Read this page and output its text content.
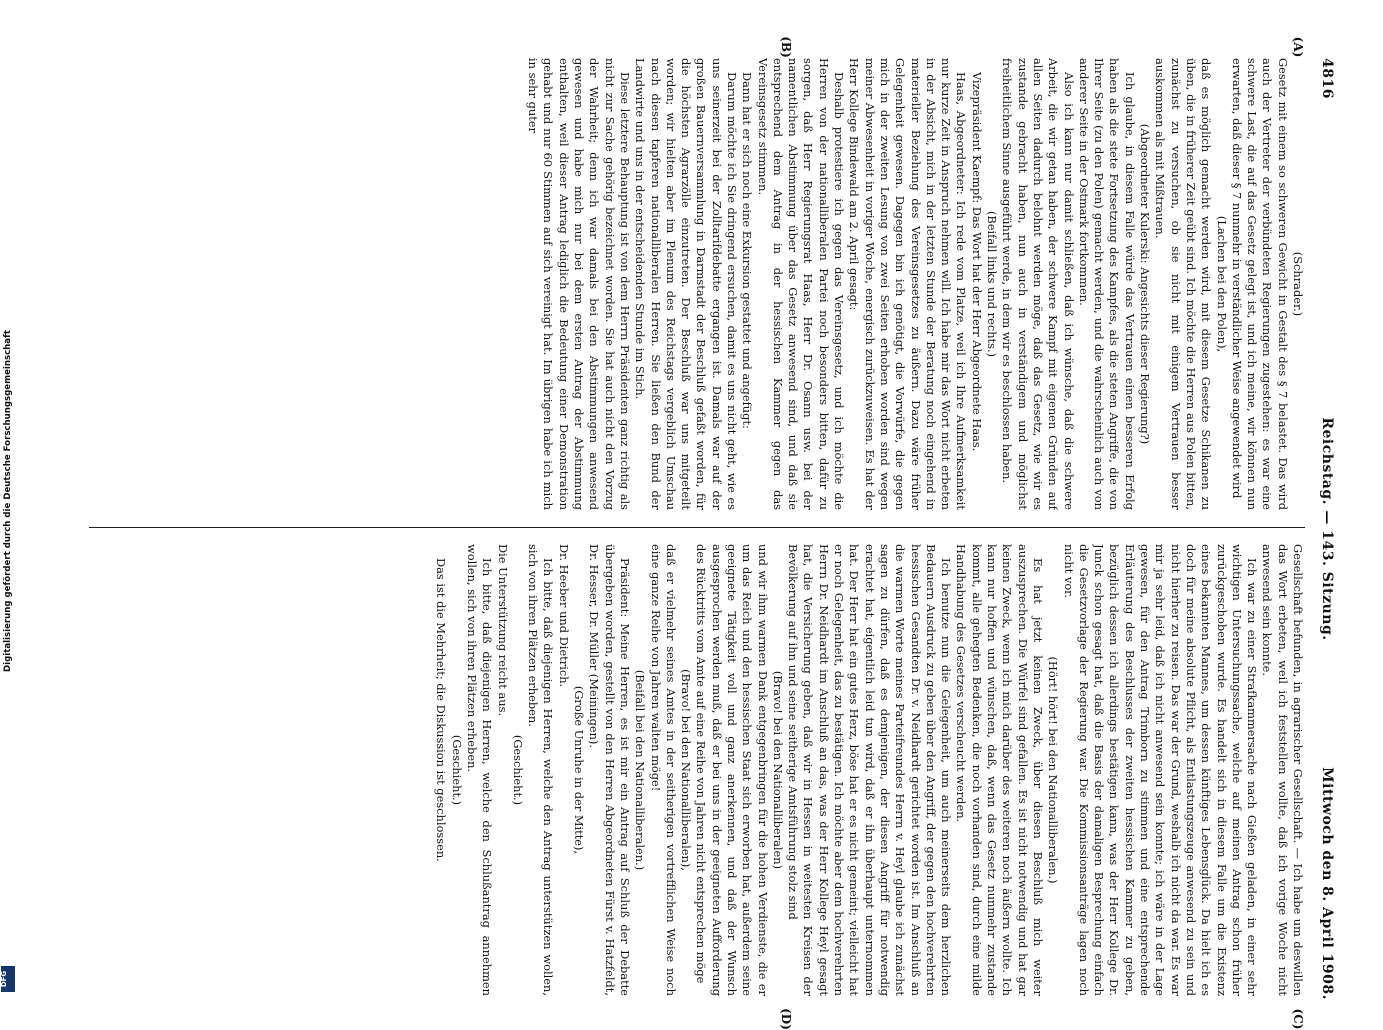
4816
Reichstag. — 143. Sitzung.
Mittwoch den 8. April 1908.
(A)
(B)
(C)
(D)

(Schrader.)

Gesetz mit einem so schweren Gewicht in Gestalt des § 7 belastet. Das wird auch der Vertreter der verbündeten Regierungen zugestehen: es war eine schwere Last, die auf das Gesetz gelegt ist, und ich meine, wir können nun erwarten, daß dieser § 7 nunmehr in verständlicher Weise angewendet wird

(Lachen bei den Polen),

daß es möglich gemacht werden wird, mit diesem Gesetze Schikanen zu üben, die in früherer Zeit geübt sind. Ich möchte die Herren aus Polen bitten, zunächst zu versuchen, ob sie nicht mit einigem Vertrauen besser auskommen als mit Mißtrauen.

(Abgeordneter Kulerski: Angesichts dieser Regierung?)

Ich glaube, in diesem Falle würde das Vertrauen einen besseren Erfolg haben als die stete Fortsetzung des Kampfes, als die steten Angriffe, die von Ihrer Seite (zu den Polen) gemacht werden, und die wahrscheinlich auch von anderer Seite in der Ostmark fortkommen.

Also ich kann nur damit schließen, daß ich wünsche, daß die schwere Arbeit, die wir getan haben, der schwere Kampf mit eigenen Gründen auf allen Seiten dadurch belohnt werden möge, daß das Gesetz, wie wir es zustande gebracht haben, nun auch in verständigem und möglichst freiheitlichem Sinne ausgeführt werde, in dem wir es beschlossen haben.

(Beifall links und rechts.)

Vizepräsident Kaempf: Das Wort hat der Herr Abgeordnete Haas.

Haas, Abgeordneter: Ich rede vom Platze, weil ich Ihre Aufmerksamkeit nur kurze Zeit in Anspruch nehmen will. Ich habe mir das Wort nicht erbeten in der Absicht, mich in der letzten Stunde der Beratung noch eingehend in materieller Beziehung des Vereinsgesetzes zu äußern. Dazu wäre früher Gelegenheit gewesen. Dagegen bin ich genötigt, die Vorwürfe, die gegen mich in der zweiten Lesung von zwei Seiten erhoben worden sind wegen meiner Abwesenheit in voriger Woche, energisch zurückzuweisen. Es hat der Herr Kollege Bindewald am 2. April gesagt:

Deshalb protestiere ich gegen das Vereinsgesetz, und ich möchte die Herren von der nationalliberalen Partei noch besonders bitten, dafür zu sorgen, daß Herr Regierungsrat Haas, Herr Dr. Osann usw. bei der namentlichen Abstimmung über das Gesetz anwesend sind, und daß sie entsprechend dem Antrag in der hessischen Kammer gegen das Vereinsgesetz stimmen.

Dann hat er sich noch eine Exkursion gestattet und angefügt:

Darum möchte ich Sie dringend ersuchen, damit es uns nicht geht, wie es uns seinerzeit bei der Zolltarifdebatte ergangen ist. Damals war auf der großen Bauernversammlung in Darmstadt der Beschluß gefaßt worden, für die höchsten Agrarzölle einzutreten. Der Beschluß war uns mitgeteilt worden; wir hielten aber im Plenum des Reichstags vergeblich Umschau nach diesen tapferen nationalliberalen Herren. Sie ließen den Bund der Landwirte und uns in der entscheidenden Stunde im Stich.

Diese letztere Behauptung ist von dem Herrn Präsidenten ganz richtig als nicht zur Sache gehörig bezeichnet worden. Sie hat auch nicht den Vorzug der Wahrheit; denn ich war damals bei den Abstimmungen anwesend gewesen und habe mich nur bei dem ersten Antrag der Abstimmung enthalten, weil dieser Antrag lediglich die Bedeutung einer Demonstration gehabt und nur 60 Stimmen auf sich vereinigt hat. Im übrigen habe ich mich in sehr guter

Gesellschaft befunden, in agrarischer Gesellschaft. — Ich habe um deswillen das Wort erbeten, weil ich feststellen wollte, daß ich vorige Woche nicht anwesend sein konnte.

Ich war zu einer Strafkammersache nach Gießen geladen, in einer sehr wichtigen Untersuchungssache, welche auf meinen Antrag schon früher zurückgeschoben wurde. Es handelt sich in diesem Falle um die Existenz eines bekannten Mannes, um dessen künftiges Lebensglück. Da hielt ich es doch für meine absolute Pflicht, als Entlastungszeuge anwesend zu sein und nicht hierher zu reisen. Das war der Grund, weshalb ich nicht da war. Es war mir ja sehr leid, daß ich nicht anwesend sein konnte; ich wäre in der Lage gewesen, für den Antrag Trimborn zu stimmen und eine entsprechende Erläuterung des Beschlusses der zweiten hessischen Kammer zu geben, bezüglich dessen ich allerdings bestätigen kann, was der Herr Kollege Dr. Junck schon gesagt hat, daß die Basis der damaligen Besprechung einfach die Gesetzvorlage der Regierung war. Die Kommissionsanträge lagen noch nicht vor.

(Hört! hört! bei den Nationalliberalen.)

Es hat jetzt keinen Zweck, über diesen Beschluß mich weiter auszusprechen. Die Würfel sind gefallen. Es ist nicht notwendig und hat gar keinen Zweck, wenn ich mich darüber des weiteren noch äußern wollte. Ich kann nur hoffen und wünschen, daß, wenn das Gesetz nunmehr zustande kommt, alle gehegten Bedenken, die noch vorhanden sind, durch eine milde Handhabung des Gesetzes verscheucht werden.

Ich benutze nun die Gelegenheit, um auch meinerseits dem herzlichen Bedauern Ausdruck zu geben über den Angriff, der gegen den hochverehrten hessischen Gesandten Dr. v. Neidhardt gerichtet worden ist. Im Anschluß an die warmen Worte meines Parteifreundes Herrn v. Heyl glaube ich zunächst sagen zu dürfen, daß es demjenigen, der diesen Angriff für notwendig erachtet hat, eigentlich leid tun wird, daß er ihn überhaupt unternommen hat. Der Herr hat ein gutes Herz, böse hat er es nicht gemeint; vielleicht hat er noch Gelegenheit, das zu bestätigen. Ich möchte aber dem hochverehrten Herrn Dr. Neidhardt im Anschluß an das, was der Herr Kollege Heyl gesagt hat, die Versicherung geben, daß wir in Hessen in weitesten Kreisen der Bevölkerung auf ihn und seine seitherige Amtsführung stolz sind

(Bravo! bei den Nationalliberalen)

und wir ihm warmen Dank entgegenbringen für die hohen Verdienste, die er um das Reich und den hessischen Staat sich erworben hat, außerdem seine geeignete Tätigkeit voll und ganz anerkennen, und daß der Wunsch ausgesprochen werden muß, daß er bei uns in der geeigneten Aufforderung des Rücktritts vom Amte auf eine Reihe von Jahren nicht entsprechen möge

(Bravo! bei den Nationalliberalen),

daß er vielmehr seines Amtes in der seitherigen vortrefflichen Weise noch eine ganze Reihe von Jahren walten möge!

(Beifall bei den Nationalliberalen.)

Präsident: Meine Herren, es ist mir ein Antrag auf Schluß der Debatte übergeben worden, gestellt von den Herren Abgeordneten Fürst v. Hatzfeldt, Dr. Hesser, Dr. Müller (Meiningen).

(Große Unruhe in der Mitte),

Dr. Heeber und Dietrich.

Ich bitte, daß diejenigen Herren, welche den Antrag unterstützen wollen, sich von ihren Plätzen erheben.

(Geschieht.)

Die Unterstützung reicht aus.

Ich bitte, daß diejenigen Herren, welche den Schlußantrag annehmen wollen, sich von ihren Plätzen erheben.

(Geschieht.)

Das ist die Mehrheit; die Diskussion ist geschlossen.

Digitalisierung gefördert durch die Deutsche Forschungsgemeinschaft
DFG
